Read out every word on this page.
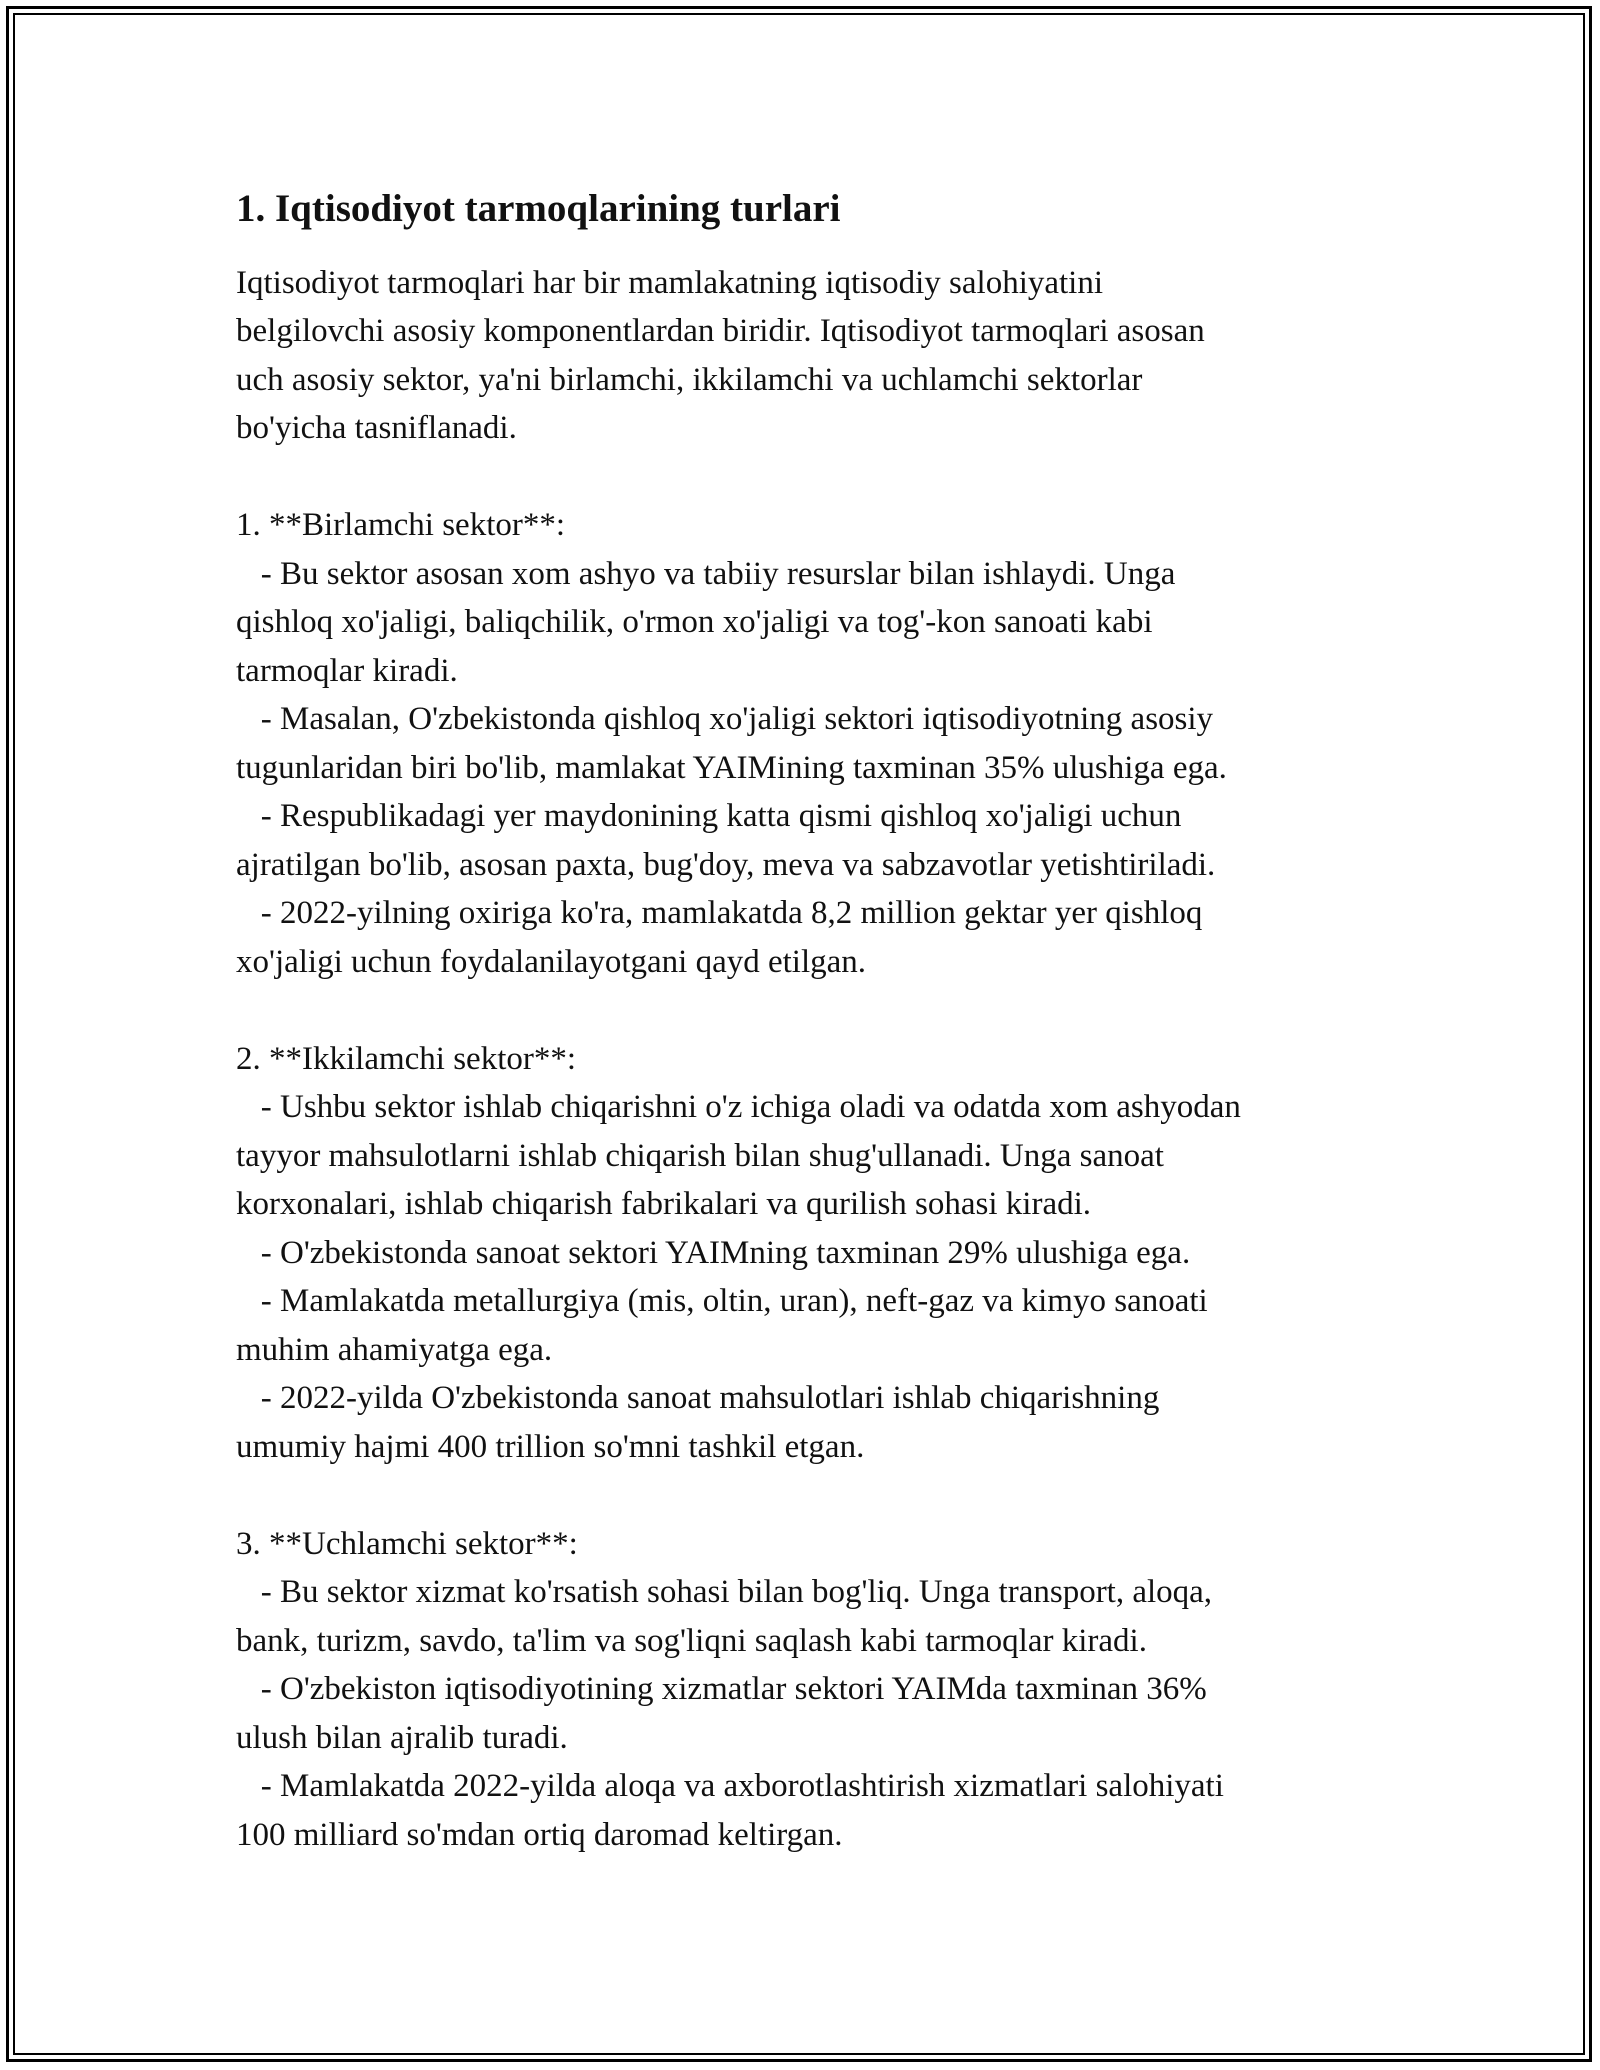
1. Iqtisodiyot tarmoqlarining turlari
Iqtisodiyot tarmoqlari har bir mamlakatning iqtisodiy salohiyatini
belgilovchi asosiy komponentlardan biridir. Iqtisodiyot tarmoqlari asosan
uch asosiy sektor, ya'ni birlamchi, ikkilamchi va uchlamchi sektorlar
bo'yicha tasniflanadi.
1. **Birlamchi sektor**:
- Bu sektor asosan xom ashyo va tabiiy resurslar bilan ishlaydi. Unga
qishloq xo'jaligi, baliqchilik, o'rmon xo'jaligi va tog'-kon sanoati kabi
tarmoqlar kiradi.
- Masalan, O'zbekistonda qishloq xo'jaligi sektori iqtisodiyotning asosiy
tugunlaridan biri bo'lib, mamlakat YAIMining taxminan 35% ulushiga ega.
- Respublikadagi yer maydonining katta qismi qishloq xo'jaligi uchun
ajratilgan bo'lib, asosan paxta, bug'doy, meva va sabzavotlar yetishtiriladi.
- 2022-yilning oxiriga ko'ra, mamlakatda 8,2 million gektar yer qishloq
xo'jaligi uchun foydalanilayotgani qayd etilgan.
2. **Ikkilamchi sektor**:
- Ushbu sektor ishlab chiqarishni o'z ichiga oladi va odatda xom ashyodan
tayyor mahsulotlarni ishlab chiqarish bilan shug'ullanadi. Unga sanoat
korxonalari, ishlab chiqarish fabrikalari va qurilish sohasi kiradi.
- O'zbekistonda sanoat sektori YAIMning taxminan 29% ulushiga ega.
- Mamlakatda metallurgiya (mis, oltin, uran), neft-gaz va kimyo sanoati
muhim ahamiyatga ega.
- 2022-yilda O'zbekistonda sanoat mahsulotlari ishlab chiqarishning
umumiy hajmi 400 trillion so'mni tashkil etgan.
3. **Uchlamchi sektor**:
- Bu sektor xizmat ko'rsatish sohasi bilan bog'liq. Unga transport, aloqa,
bank, turizm, savdo, ta'lim va sog'liqni saqlash kabi tarmoqlar kiradi.
- O'zbekiston iqtisodiyotining xizmatlar sektori YAIMda taxminan 36%
ulush bilan ajralib turadi.
- Mamlakatda 2022-yilda aloqa va axborotlashtirish xizmatlari salohiyati
100 milliard so'mdan ortiq daromad keltirgan.
